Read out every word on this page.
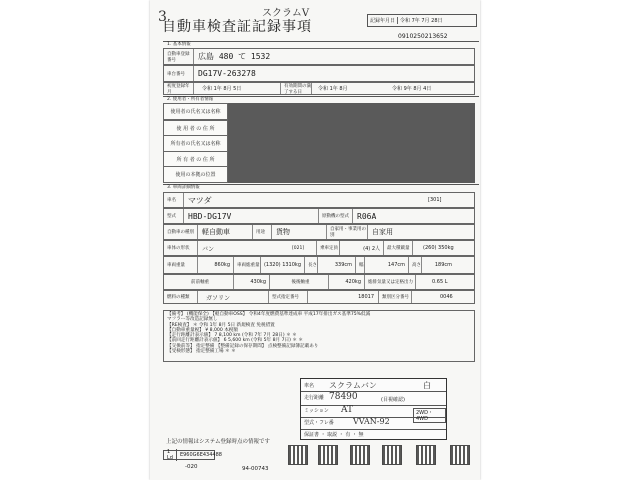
3	スクラムV
自動車検査証記録事項	記録年月日	令和 7年 7月 28日
0910250213652
1. 基本情報
自動車登録番号	広島 480 て 1532
車台番号	DG17V-263278
初度登録年月	令和 1年 8月 5日	有効期間の満了する日	令和 1年 8月	令和 9年 8月 4日
2. 使用者・所有者情報
使用者の氏名又は名称
使 用 者 の 住 所
所有者の氏名又は名称
所 有 者 の 住 所
使用の本拠の位置
3. 車両詳細情報
車名	マツダ	[301]
型式	HBD-DG17V	原動機の型式	R06A
自動車の種別	軽自動車	用途	貨物	自家用・事業用の別	自家用
車体の形状	バン	[021]	乗車定員	(4) 2人	最大積載量	(260) 350kg
車両重量	860kg	車両総重量 (1320) 1310kg	長さ	339cm	幅	147cm	高さ	189cm
前前軸重	430kg	後後軸重	420kg	総排気量又は定格出力	0.65 L
燃料の種類	ガソリン	型式指定番号	18017	類別区分番号	0046
【備考】 (機能保全) 【軽自動車OSS】 令和4年度燃費基準達成車 平成17年排出ガス基準75%低減
マフラー等改造記録無し
【RE検査】 ＊ 令和 1年 8月 5日 新規検査 免税措置
【自動車重量税】 ¥ 8,000 本税額
【走行距離計表示値】 7 8,100 km (令和 7年 7月 28日) ＊ ＊
【前回走行距離計表示値】 6 5,600 km (令和 5年 8月 7日) ＊ ＊
【交換前等】 指定整備 【整備記録の保存期間】 点検整備記録簿記載あり
【受検形態】 指定整備工場 ＊ ＊
車名 スクラムバン	白
走行距離 78490	(目視確認)
ミッション AT	2WD・4WD
型式・フレ番 VVAN-92
保証書 ・ 取説 ・ 有 ・ 無
上記の情報はシステム登録時点の情報です
1 Ld	E960G6E434488
-020	94-00743
